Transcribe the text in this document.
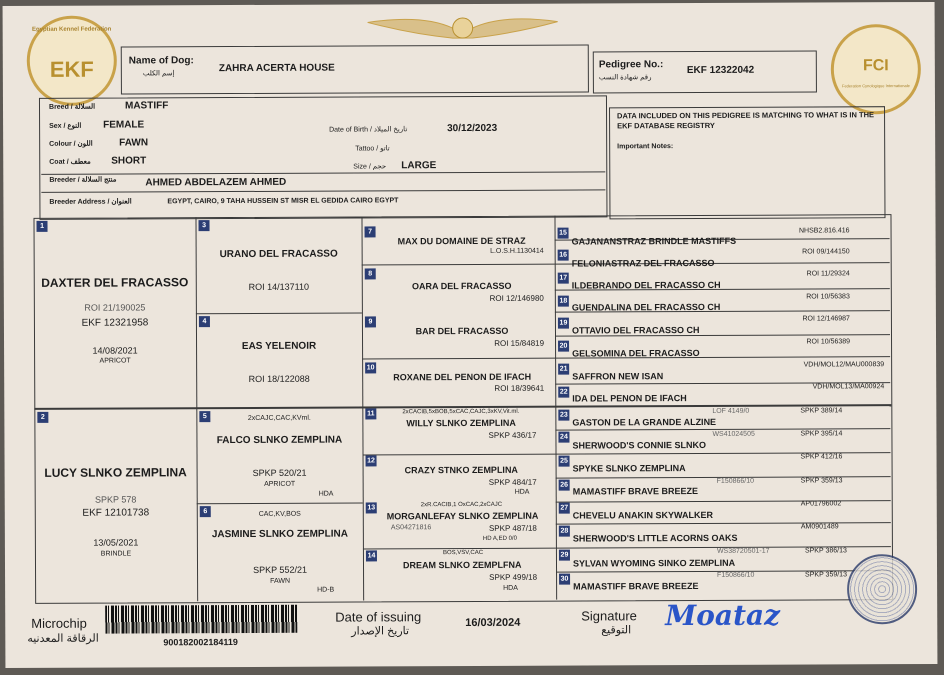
Egyptian Kennel Federation
EKF	FCI
Federation Cynologique Internationale
Name of Dog:
إسم الكلب	ZAHRA ACERTA HOUSE	Pedigree No.:
رقم شهادة النسب
EKF 12322042
Breed / السلالة	MASTIFF
Sex / النوع FEMALE	Date of Birth / تاريخ الميلاد	30/12/2023
Colour / اللون	FAWN
Tattoo / تاتو
Coat / معطف SHORT
Size / حجم LARGE
Breeder / منتج السلالة	AHMED ABDELAZEM AHMED
Breeder Address / العنوان	EGYPT, CAIRO, 9 TAHA HUSSEIN ST MISR EL GEDIDA CAIRO EGYPT
DATA INCLUDED ON THIS PEDIGREE IS MATCHING TO WHAT IS IN THE EKF DATABASE REGISTRY
Important Notes:
1
DAXTER DEL FRACASSO
ROI 21/190025
EKF 12321958
14/08/2021
APRICOT
2
LUCY SLNKO ZEMPLINA
SPKP 578
EKF 12101738
13/05/2021
BRINDLE
3
URANO DEL FRACASSO
ROI 14/137110
4
EAS YELENOIR
ROI 18/122088
5	2xCAJC,CAC,KVml.
FALCO SLNKO ZEMPLINA
SPKP 520/21
APRICOT
HDA
6	CAC,KV,BOS
JASMINE SLNKO ZEMPLINA
SPKP 552/21
FAWN
HD-B
7
MAX DU DOMAINE DE STRAZ
L.O.S.H.1130414
8
OARA DEL FRACASSO
ROI 12/146980
9
BAR DEL FRACASSO
ROI 15/84819
10
ROXANE DEL PENON DE IFACH
ROI 18/39641
11	2xCACIB,5xBOB,5xCAC,CAJC,3xKV,Vit.ml.
WILLY SLNKO ZEMPLINA
SPKP 436/17
12
CRAZY STNKO ZEMPLINA
SPKP 484/17
HDA
13	2xR.CACIB,1 OxCAC,2xCAJC
MORGANLEFAY SLNKO ZEMPLINA
AS04271816	SPKP 487/18
HD A,ED 0/0
14	BOS,VSV,CAC
DREAM SLNKO ZEMPLFNA
SPKP 499/18
HDA
15
GAJANANSTRAZ BRINDLE MASTIFFS
NHSB2.816.416
16
FELONIASTRAZ DEL FRACASSO
ROI 09/144150
17
ILDEBRANDO DEL FRACASSO CH
ROI 11/29324
18
GUENDALINA DEL FRACASSO CH
ROI 10/56383
19
OTTAVIO DEL FRACASSO CH
ROI 12/146987
20
GELSOMINA DEL FRACASSO
ROI 10/56389
21
SAFFRON NEW ISAN
VDH/MOL12/MAU000839
22
IDA DEL PENON DE IFACH
VDH/MOL13/MA00924
23
GASTON DE LA GRANDE ALZINE
LOF 4149/0	SPKP 389/14
24
SHERWOOD'S CONNIE SLNKO
WS41024505	SPKP 395/14
25
SPYKE SLNKO ZEMPLINA
SPKP 412/16
26
MAMASTIFF BRAVE BREEZE
F150866/10	SPKP 359/13
27
CHEVELU ANAKIN SKYWALKER
AP01796002
28
SHERWOOD'S LITTLE ACORNS OAKS
AM0901489
29
SYLVAN WYOMING SINKO ZEMPLINA
WS38720501-17	SPKP 386/13
30
MAMASTIFF BRAVE BREEZE
F150866/10	SPKP 359/13
Microchip
الرقاقة المعدنيه	900182002184119
Date of issuing
تاريخ الإصدار
16/03/2024	Signature
التوقيع Moataz
